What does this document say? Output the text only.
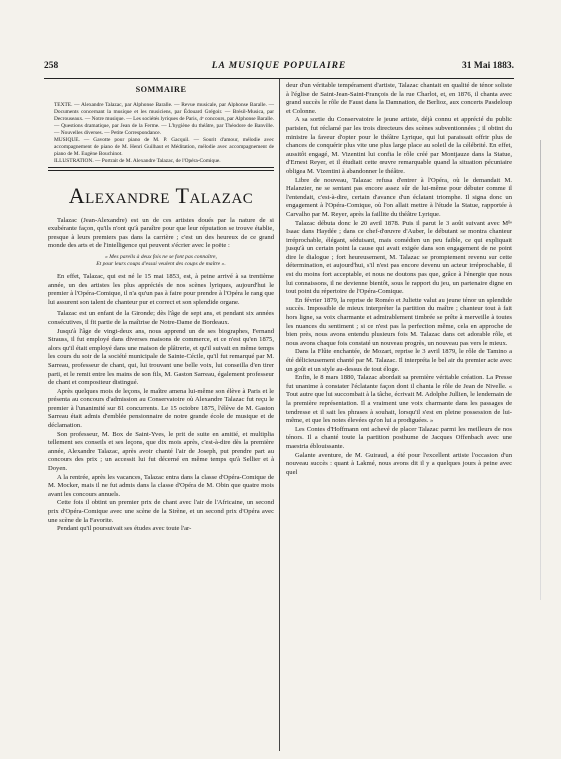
258	LA MUSIQUE POPULAIRE	31 Mai 1883.
SOMMAIRE

TEXTE. — Alexandre Talazac, par Alphonse Baralle. — Revue musicale, par Alphonse Baralle. — Documents concernant la musique et les musiciens, par Édouard Grégoir. — Brésil-Musica, par Decrouseaux. — Notre musique. — Les sociétés lyriques de Paris, 4ᵉ concours, par Alphonse Baralle. — Questions dramatique, par Jean de la Ferme. — L'hygiène du théâtre, par Théodore de Banville. — Nouvelles diverses. — Petite Correspondance.

MUSIQUE. — Gavotte pour piano de M. P. Gacquil. — Sourit d'amour, mélodie avec accompagnement de piano de M. Henri Guilhaut et Méditation, mélodie avec accompagnement de piano de M. Eugène Bouchinot.

ILLUSTRATION. — Portrait de M. Alexandre Talazac, de l'Opéra-Comique.

Alexandre Talazac

Talazac (Jean-Alexandre) est un de ces artistes doués par la nature de si exubérante façon, qu'ils n'ont qu'à paraître pour que leur réputation se trouve établie, presque à leurs premiers pas dans la carrière ; c'est un des heureux de ce grand monde des arts et de l'intelligence qui peuvent s'écrier avec le poëte :

« Mes pareils à deux fois ne se font pas connaître,
Et pour leurs coups d'essai veulent des coups de maître ».

En effet, Talazac, qui est né le 15 mai 1853, est, à peine arrivé à sa trentième année, un des artistes les plus appréciés de nos scènes lyriques, aujourd'hui le premier à l'Opéra-Comique, il n'a qu'un pas à faire pour prendre à l'Opéra le rang que lui assurent son talent de chanteur pur et correct et son splendide organe.

Talazac est un enfant de la Gironde; dès l'âge de sept ans, et pendant six années consécutives, il fit partie de la maîtrise de Notre-Dame de Bordeaux.

Jusqu'à l'âge de vingt-deux ans, nous apprend un de ses biographes, Fernand Strauss, il fut employé dans diverses maisons de commerce, et ce n'est qu'en 1875, alors qu'il était employé dans une maison de plâtrerie, et qu'il suivait en même temps les cours du soir de la société municipale de Sainte-Cécile, qu'il fut remarqué par M. Sarreau, professeur de chant, qui, lui trouvant une belle voix, lui conseilla d'en tirer parti, et le remit entre les mains de son fils, M. Gaston Sarreau, également professeur de chant et compositeur distingué.

Après quelques mois de leçons, le maître amena lui-même son élève à Paris et le présenta au concours d'admission au Conservatoire où Alexandre Talazac fut reçu le premier à l'unanimité sur 81 concurrents. Le 15 octobre 1875, l'élève de M. Gaston Sarreau était admis d'emblée pensionnaire de notre grande école de musique et de déclamation.

Son professeur, M. Box de Saint-Yves, le prit de suite en amitié, et multiplia tellement ses conseils et ses leçons, que dix mois après, c'est-à-dire dès la première année, Alexandre Talazac, après avoir chanté l'air de Joseph, put prendre part au concours des prix ; un accessit lui fut décerné en même temps qu'à Sellier et à Doyen.

A la rentrée, après les vacances, Talazac entra dans la classe d'Opéra-Comique de M. Mocker, mais il ne fut admis dans la classe d'Opéra de M. Obin que quatre mois avant les concours annuels.

Cette fois il obtint un premier prix de chant avec l'air de l'Africaine, un second prix d'Opéra-Comique avec une scène de la Sirène, et un second prix d'Opéra avec une scène de la Favorite.

Pendant qu'il poursuivait ses études avec toute l'ar-

deur d'un véritable tempérament d'artiste, Talazac chantait en qualité de ténor soliste à l'église de Saint-Jean-Saint-François de la rue Charlot, et, en 1876, il chanta avec grand succès le rôle de Faust dans la Damnation, de Berlioz, aux concerts Pasdeloup et Colonne.

A sa sortie du Conservatoire le jeune artiste, déjà connu et apprécié du public parisien, fut réclamé par les trois directeurs des scènes subventionnées ; il obtint du ministre la faveur d'opter pour le théâtre Lyrique, qui lui paraissait offrir plus de chances de conquérir plus vite une plus large place au soleil de la célébrité. En effet, aussitôt engagé, M. Vizentini lui confia le rôle créé par Montjauze dans la Statue, d'Ernest Reyer, et il étudiait cette œuvre remarquable quand la situation pécuniaire obligea M. Vizentini à abandonner le théâtre.

Libre de nouveau, Talazac refusa d'entrer à l'Opéra, où le demandait M. Halanzier, ne se sentant pas encore assez sûr de lui-même pour débuter comme il l'entendait, c'est-à-dire, certain d'avance d'un éclatant triomphe. Il signa donc un engagement à l'Opéra-Comique, où l'on allait mettre à l'étude la Statue, rapportée à Carvalho par M. Reyer, après la faillite du théâtre Lyrique.

Talazac débuta donc le 20 avril 1878. Puis il parut le 3 août suivant avec Mˡˡᵉ Isaac dans Haydée ; dans ce chef-d'œuvre d'Auber, le débutant se montra chanteur irréprochable, élégant, séduisant, mais comédien un peu faible, ce qui expliquait jusqu'à un certain point la cause qui avait exigée dans son engagement de ne point dire le dialogue ; fort heureusement, M. Talazac se promptement revenu sur cette détermination, et aujourd'hui, s'il n'est pas encore devenu un acteur irréprochable, il est du moins fort acceptable, et nous ne doutons pas que, grâce à l'énergie que nous lui connaissons, il ne devienne bientôt, sous le rapport du jeu, un partenaire digne en tout point du répertoire de l'Opéra-Comique.

En février 1879, la reprise de Roméo et Juliette valut au jeune ténor un splendide succès. Impossible de mieux interpréter la partition du maître ; chanteur tout à fait hors ligne, sa voix charmante et admirablement timbrée se prête à merveille à toutes les nuances du sentiment ; si ce n'est pas la perfection même, cela en approche de bien près, nous avons entendu plusieurs fois M. Talazac dans cet adorable rôle, et nous avons chaque fois constaté un nouveau progrès, un nouveau pas vers le mieux.

Dans la Flûte enchantée, de Mozart, reprise le 3 avril 1879, le rôle de Tamino a été délicieusement chanté par M. Talazac. Il interpréta le bel air du premier acte avec un goût et un style au-dessus de tout éloge.

Enfin, le 8 mars 1880, Talazac abordait sa première véritable création. La Presse fut unanime à constater l'éclatante façon dont il chanta le rôle de Jean de Nivelle. « Tout autre que lui succombait à la tâche, écrivait M. Adolphe Jullien, le lendemain de la première représentation. Il a vraiment une voix charmante dans les passages de tendresse et il sait les phrases à souhait, lorsqu'il s'est en pleine possession de lui-même, et que les notes élevées qu'on lui a prodiguées. »

Les Contes d'Hoffmann ont achevé de placer Talazac parmi les meilleurs de nos ténors. Il a chanté toute la partition posthume de Jacques Offenbach avec une maestria éblouissante.

Galante aventure, de M. Guiraud, a été pour l'excellent artiste l'occasion d'un nouveau succès : quant à Lakmé, nous avons dit il y a quelques jours à peine avec quel
